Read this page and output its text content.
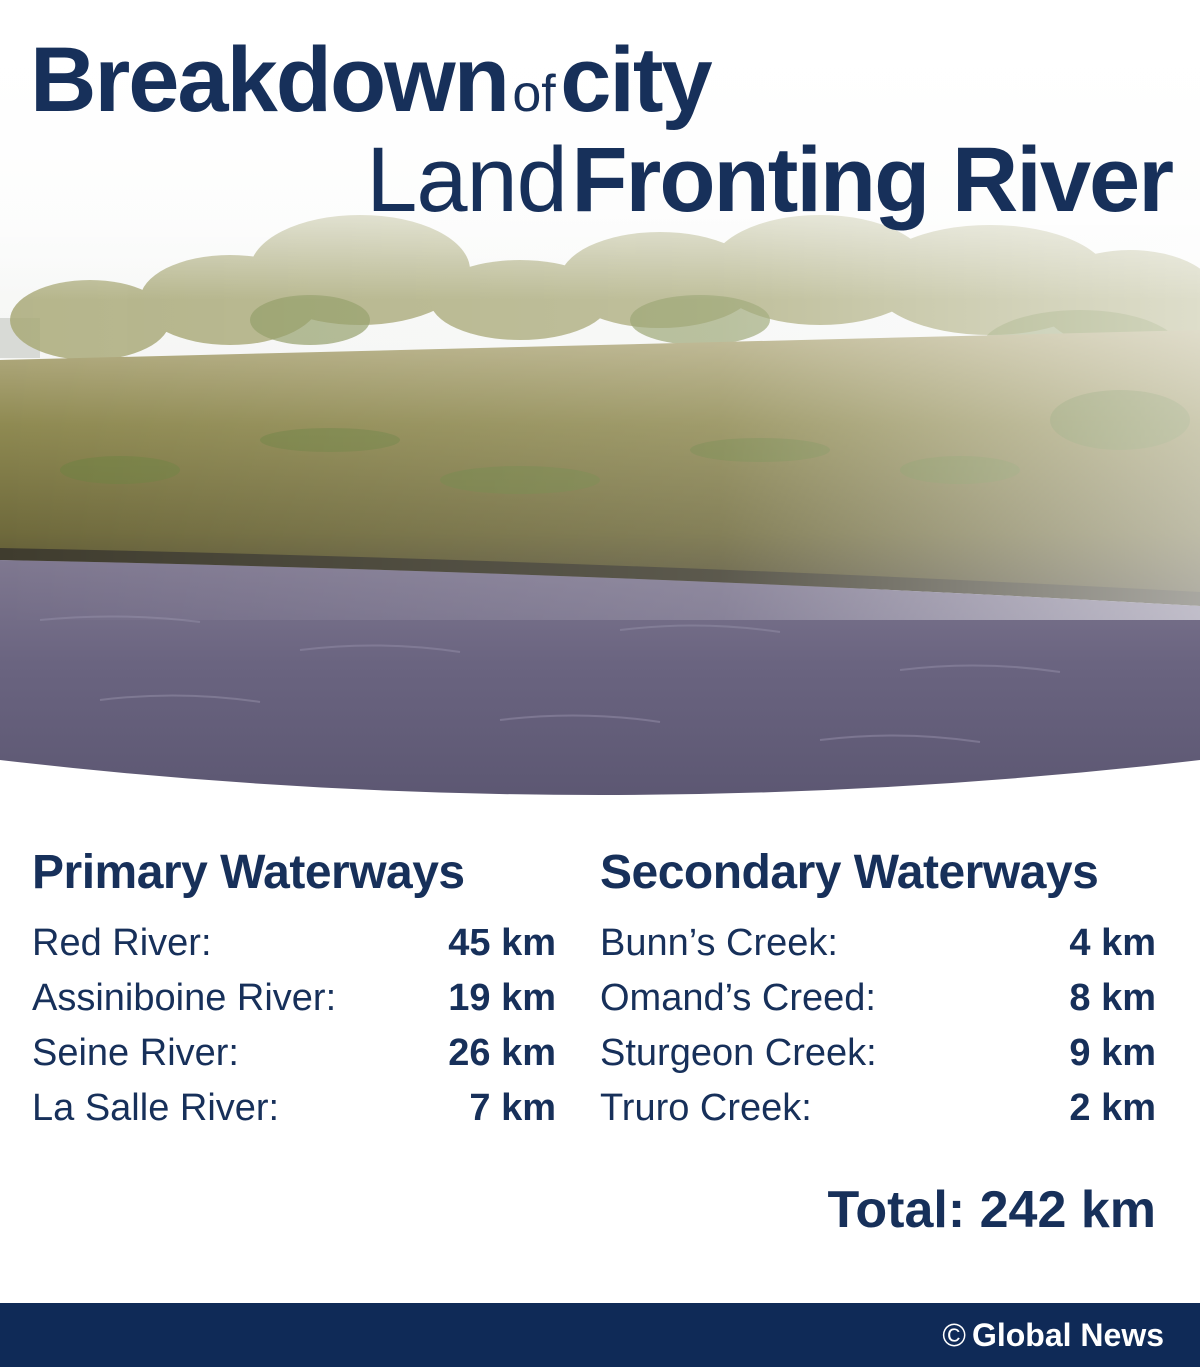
Breakdown of city
Land Fronting River
Primary Waterways
Red River:	45 km
Assiniboine River:	19 km
Seine River:	26 km
La Salle River:	7 km
Secondary Waterways
Bunn’s Creek:	4 km
Omand’s Creed:	8 km
Sturgeon Creek:	9 km
Truro Creek:	2 km
Total: 242 km
© Global News
